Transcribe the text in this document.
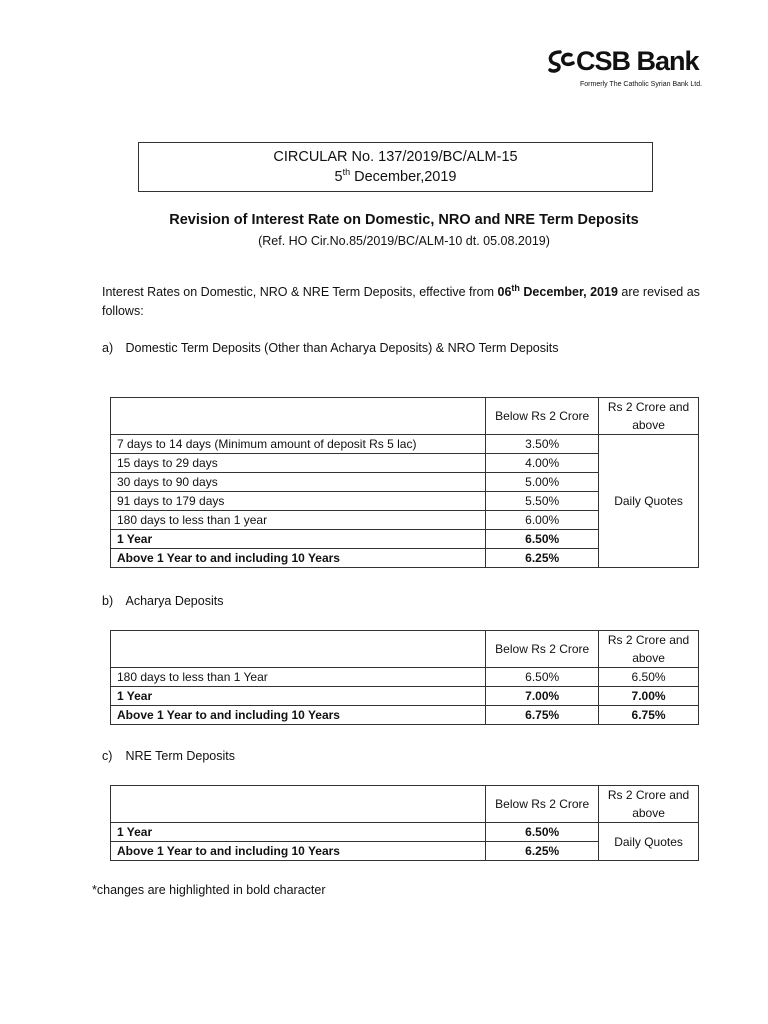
CSB Bank
Formerly The Catholic Syrian Bank Ltd.
CIRCULAR No. 137/2019/BC/ALM-15
5th December,2019
Revision of Interest Rate on Domestic, NRO and NRE Term Deposits
(Ref. HO Cir.No.85/2019/BC/ALM-10 dt. 05.08.2019)
Interest Rates on Domestic, NRO & NRE Term Deposits, effective from 06th December, 2019 are revised as follows:
a) Domestic Term Deposits (Other than Acharya Deposits) & NRO Term Deposits
	Below Rs 2 Crore	Rs 2 Crore and
above
7 days to 14 days (Minimum amount of deposit Rs 5 lac)	3.50%	Daily Quotes
15 days to 29 days	4.00%	
30 days to 90 days	5.00%	
91 days to 179 days	5.50%	
180 days to less than 1 year	6.00%	
1 Year	6.50%	
Above 1 Year to and including 10 Years	6.25%	
b) Acharya Deposits
	Below Rs 2 Crore	Rs 2 Crore and
above
180 days to less than 1 Year	6.50%	6.50%
1 Year	7.00%	7.00%
Above 1 Year to and including 10 Years	6.75%	6.75%
c) NRE Term Deposits
	Below Rs 2 Crore	Rs 2 Crore and
above
1 Year	6.50%	Daily Quotes
Above 1 Year to and including 10 Years	6.25%	
*changes are highlighted in bold character
